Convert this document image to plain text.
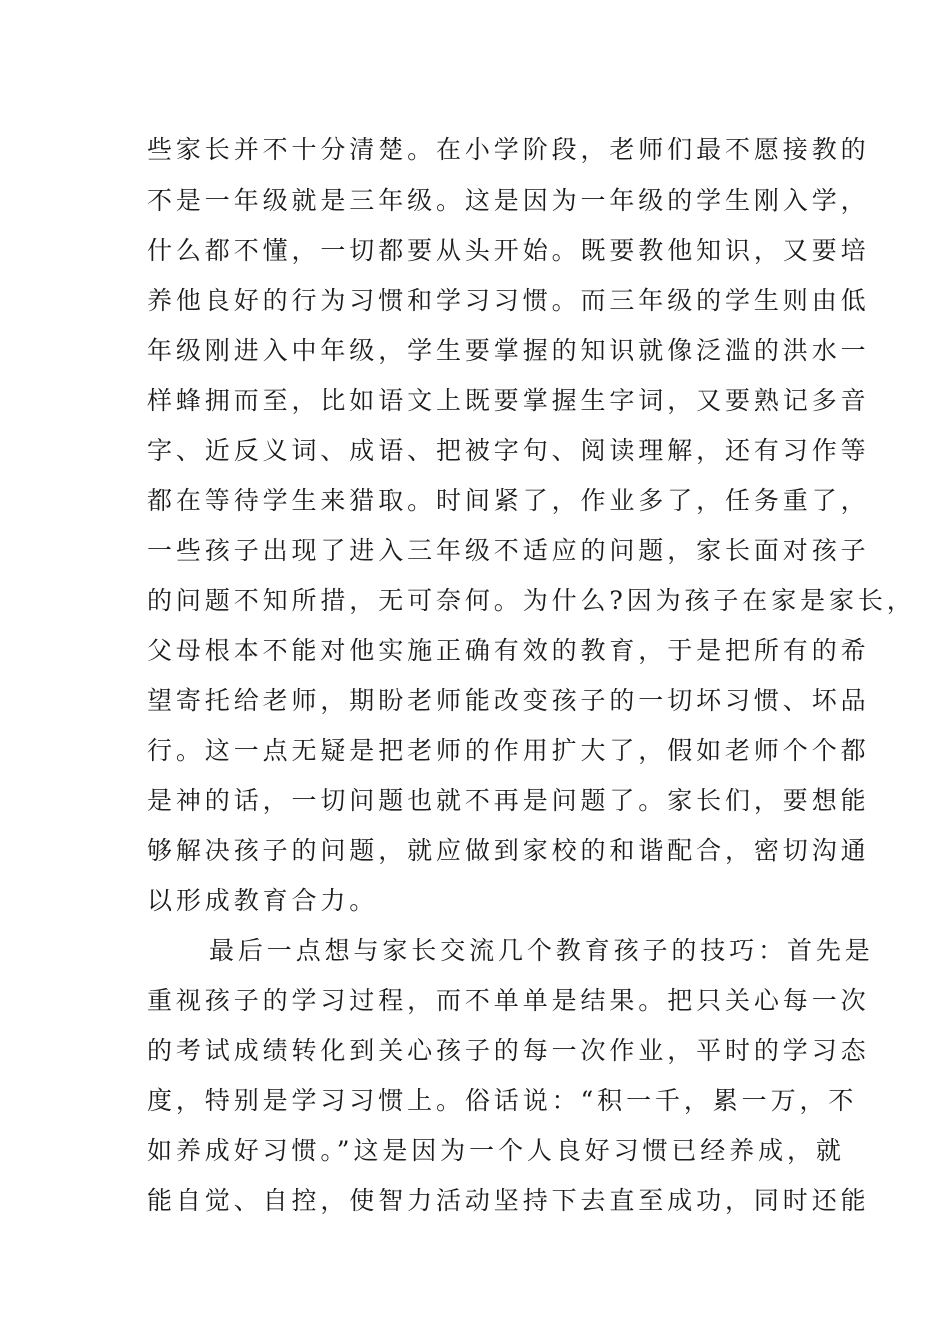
些家长并不十分清楚。在小学阶段，老师们最不愿接教的
不是一年级就是三年级。这是因为一年级的学生刚入学，
什么都不懂，一切都要从头开始。既要教他知识，又要培
养他良好的行为习惯和学习习惯。而三年级的学生则由低
年级刚进入中年级，学生要掌握的知识就像泛滥的洪水一
样蜂拥而至，比如语文上既要掌握生字词，又要熟记多音
字、近反义词、成语、把被字句、阅读理解，还有习作等
都在等待学生来猎取。时间紧了，作业多了，任务重了，
一些孩子出现了进入三年级不适应的问题，家长面对孩子
的问题不知所措，无可奈何。为什么?因为孩子在家是家长，
父母根本不能对他实施正确有效的教育，于是把所有的希
望寄托给老师，期盼老师能改变孩子的一切坏习惯、坏品
行。这一点无疑是把老师的作用扩大了，假如老师个个都
是神的话，一切问题也就不再是问题了。家长们，要想能
够解决孩子的问题，就应做到家校的和谐配合，密切沟通
以形成教育合力。
最后一点想与家长交流几个教育孩子的技巧：首先是
重视孩子的学习过程，而不单单是结果。把只关心每一次
的考试成绩转化到关心孩子的每一次作业，平时的学习态
度，特别是学习习惯上。俗话说：“积一千，累一万，不
如养成好习惯。”这是因为一个人良好习惯已经养成，就
能自觉、自控，使智力活动坚持下去直至成功，同时还能
